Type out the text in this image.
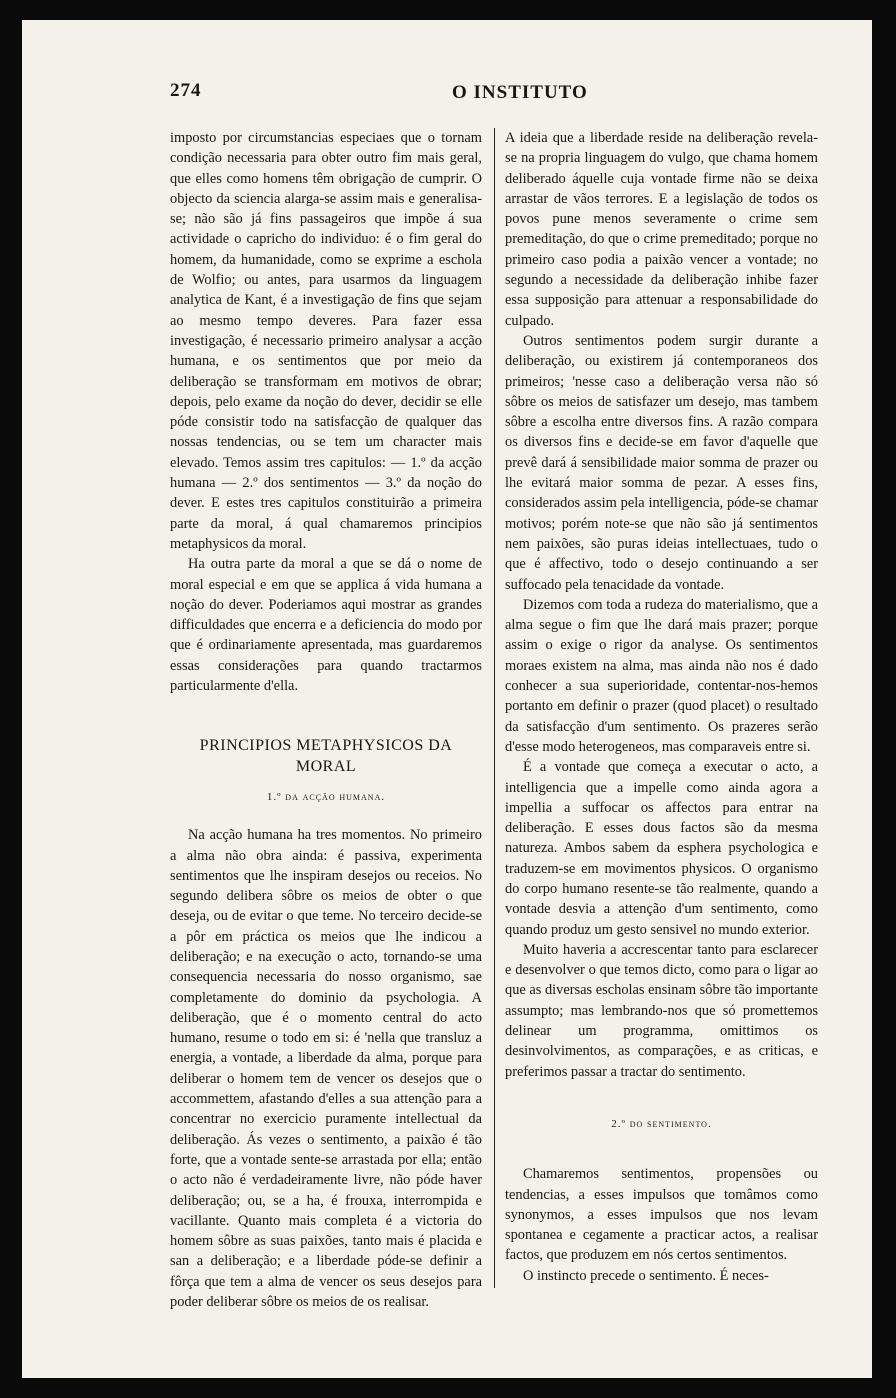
274	O INSTITUTO

imposto por circumstancias especiaes que o tornam condição necessaria para obter outro fim mais geral, que elles como homens têm obrigação de cumprir. O objecto da sciencia alarga-se assim mais e generalisa-se; não são já fins passageiros que impõe á sua actividade o capricho do individuo: é o fim geral do homem, da humanidade, como se exprime a eschola de Wolfio; ou antes, para usarmos da linguagem analytica de Kant, é a investigação de fins que sejam ao mesmo tempo deveres. Para fazer essa investigação, é necessario primeiro analysar a acção humana, e os sentimentos que por meio da deliberação se transformam em motivos de obrar; depois, pelo exame da noção do dever, decidir se elle póde consistir todo na satisfacção de qualquer das nossas tendencias, ou se tem um character mais elevado. Temos assim tres capitulos: — 1.º da acção humana — 2.º dos sentimentos — 3.º da noção do dever. E estes tres capitulos constituirão a primeira parte da moral, á qual chamaremos principios metaphysicos da moral.

Ha outra parte da moral a que se dá o nome de moral especial e em que se applica á vida humana a noção do dever. Poderiamos aqui mostrar as grandes difficuldades que encerra e a deficiencia do modo por que é ordinariamente apresentada, mas guardaremos essas considerações para quando tractarmos particularmente d'ella.

PRINCIPIOS METAPHYSICOS DA MORAL
1.º da acção humana.

Na acção humana ha tres momentos. No primeiro a alma não obra ainda: é passiva, experimenta sentimentos que lhe inspiram desejos ou receios. No segundo delibera sôbre os meios de obter o que deseja, ou de evitar o que teme. No terceiro decide-se a pôr em práctica os meios que lhe indicou a deliberação; e na execução o acto, tornando-se uma consequencia necessaria do nosso organismo, sae completamente do dominio da psychologia. A deliberação, que é o momento central do acto humano, resume o todo em si: é 'nella que transluz a energia, a vontade, a liberdade da alma, porque para deliberar o homem tem de vencer os desejos que o accommettem, afastando d'elles a sua attenção para a concentrar no exercicio puramente intellectual da deliberação. Ás vezes o sentimento, a paixão é tão forte, que a vontade sente-se arrastada por ella; então o acto não é verdadeiramente livre, não póde haver deliberação; ou, se a ha, é frouxa, interrompida e vacillante. Quanto mais completa é a victoria do homem sôbre as suas paixões, tanto mais é placida e san a deliberação; e a liberdade póde-se definir a fôrça que tem a alma de vencer os seus desejos para poder deliberar sôbre os meios de os realisar.

A ideia que a liberdade reside na deliberação revela-se na propria linguagem do vulgo, que chama homem deliberado áquelle cuja vontade firme não se deixa arrastar de vãos terrores. E a legislação de todos os povos pune menos severamente o crime sem premeditação, do que o crime premeditado; porque no primeiro caso podia a paixão vencer a vontade; no segundo a necessidade da deliberação inhibe fazer essa supposição para attenuar a responsabilidade do culpado.

Outros sentimentos podem surgir durante a deliberação, ou existirem já contemporaneos dos primeiros; 'nesse caso a deliberação versa não só sôbre os meios de satisfazer um desejo, mas tambem sôbre a escolha entre diversos fins. A razão compara os diversos fins e decide-se em favor d'aquelle que prevê dará á sensibilidade maior somma de prazer ou lhe evitará maior somma de pezar. A esses fins, considerados assim pela intelligencia, póde-se chamar motivos; porém note-se que não são já sentimentos nem paixões, são puras ideias intellectuaes, tudo o que é affectivo, todo o desejo continuando a ser suffocado pela tenacidade da vontade.

Dizemos com toda a rudeza do materialismo, que a alma segue o fim que lhe dará mais prazer; porque assim o exige o rigor da analyse. Os sentimentos moraes existem na alma, mas ainda não nos é dado conhecer a sua superioridade, contentar-nos-hemos portanto em definir o prazer (quod placet) o resultado da satisfacção d'um sentimento. Os prazeres serão d'esse modo heterogeneos, mas comparaveis entre si.

É a vontade que começa a executar o acto, a intelligencia que a impelle como ainda agora a impellia a suffocar os affectos para entrar na deliberação. E esses dous factos são da mesma natureza. Ambos sabem da esphera psychologica e traduzem-se em movimentos physicos. O organismo do corpo humano resente-se tão realmente, quando a vontade desvia a attenção d'um sentimento, como quando produz um gesto sensivel no mundo exterior.

Muito haveria a accrescentar tanto para esclarecer e desenvolver o que temos dicto, como para o ligar ao que as diversas escholas ensinam sôbre tão importante assumpto; mas lembrando-nos que só promettemos delinear um programma, omittimos os desinvolvimentos, as comparações, e as criticas, e preferimos passar a tractar do sentimento.

2.º do sentimento.

Chamaremos sentimentos, propensões ou tendencias, a esses impulsos que tomâmos como synonymos, a esses impulsos que nos levam spontanea e cegamente a practicar actos, a realisar factos, que produzem em nós certos sentimentos.

O instincto precede o sentimento. É neces-
